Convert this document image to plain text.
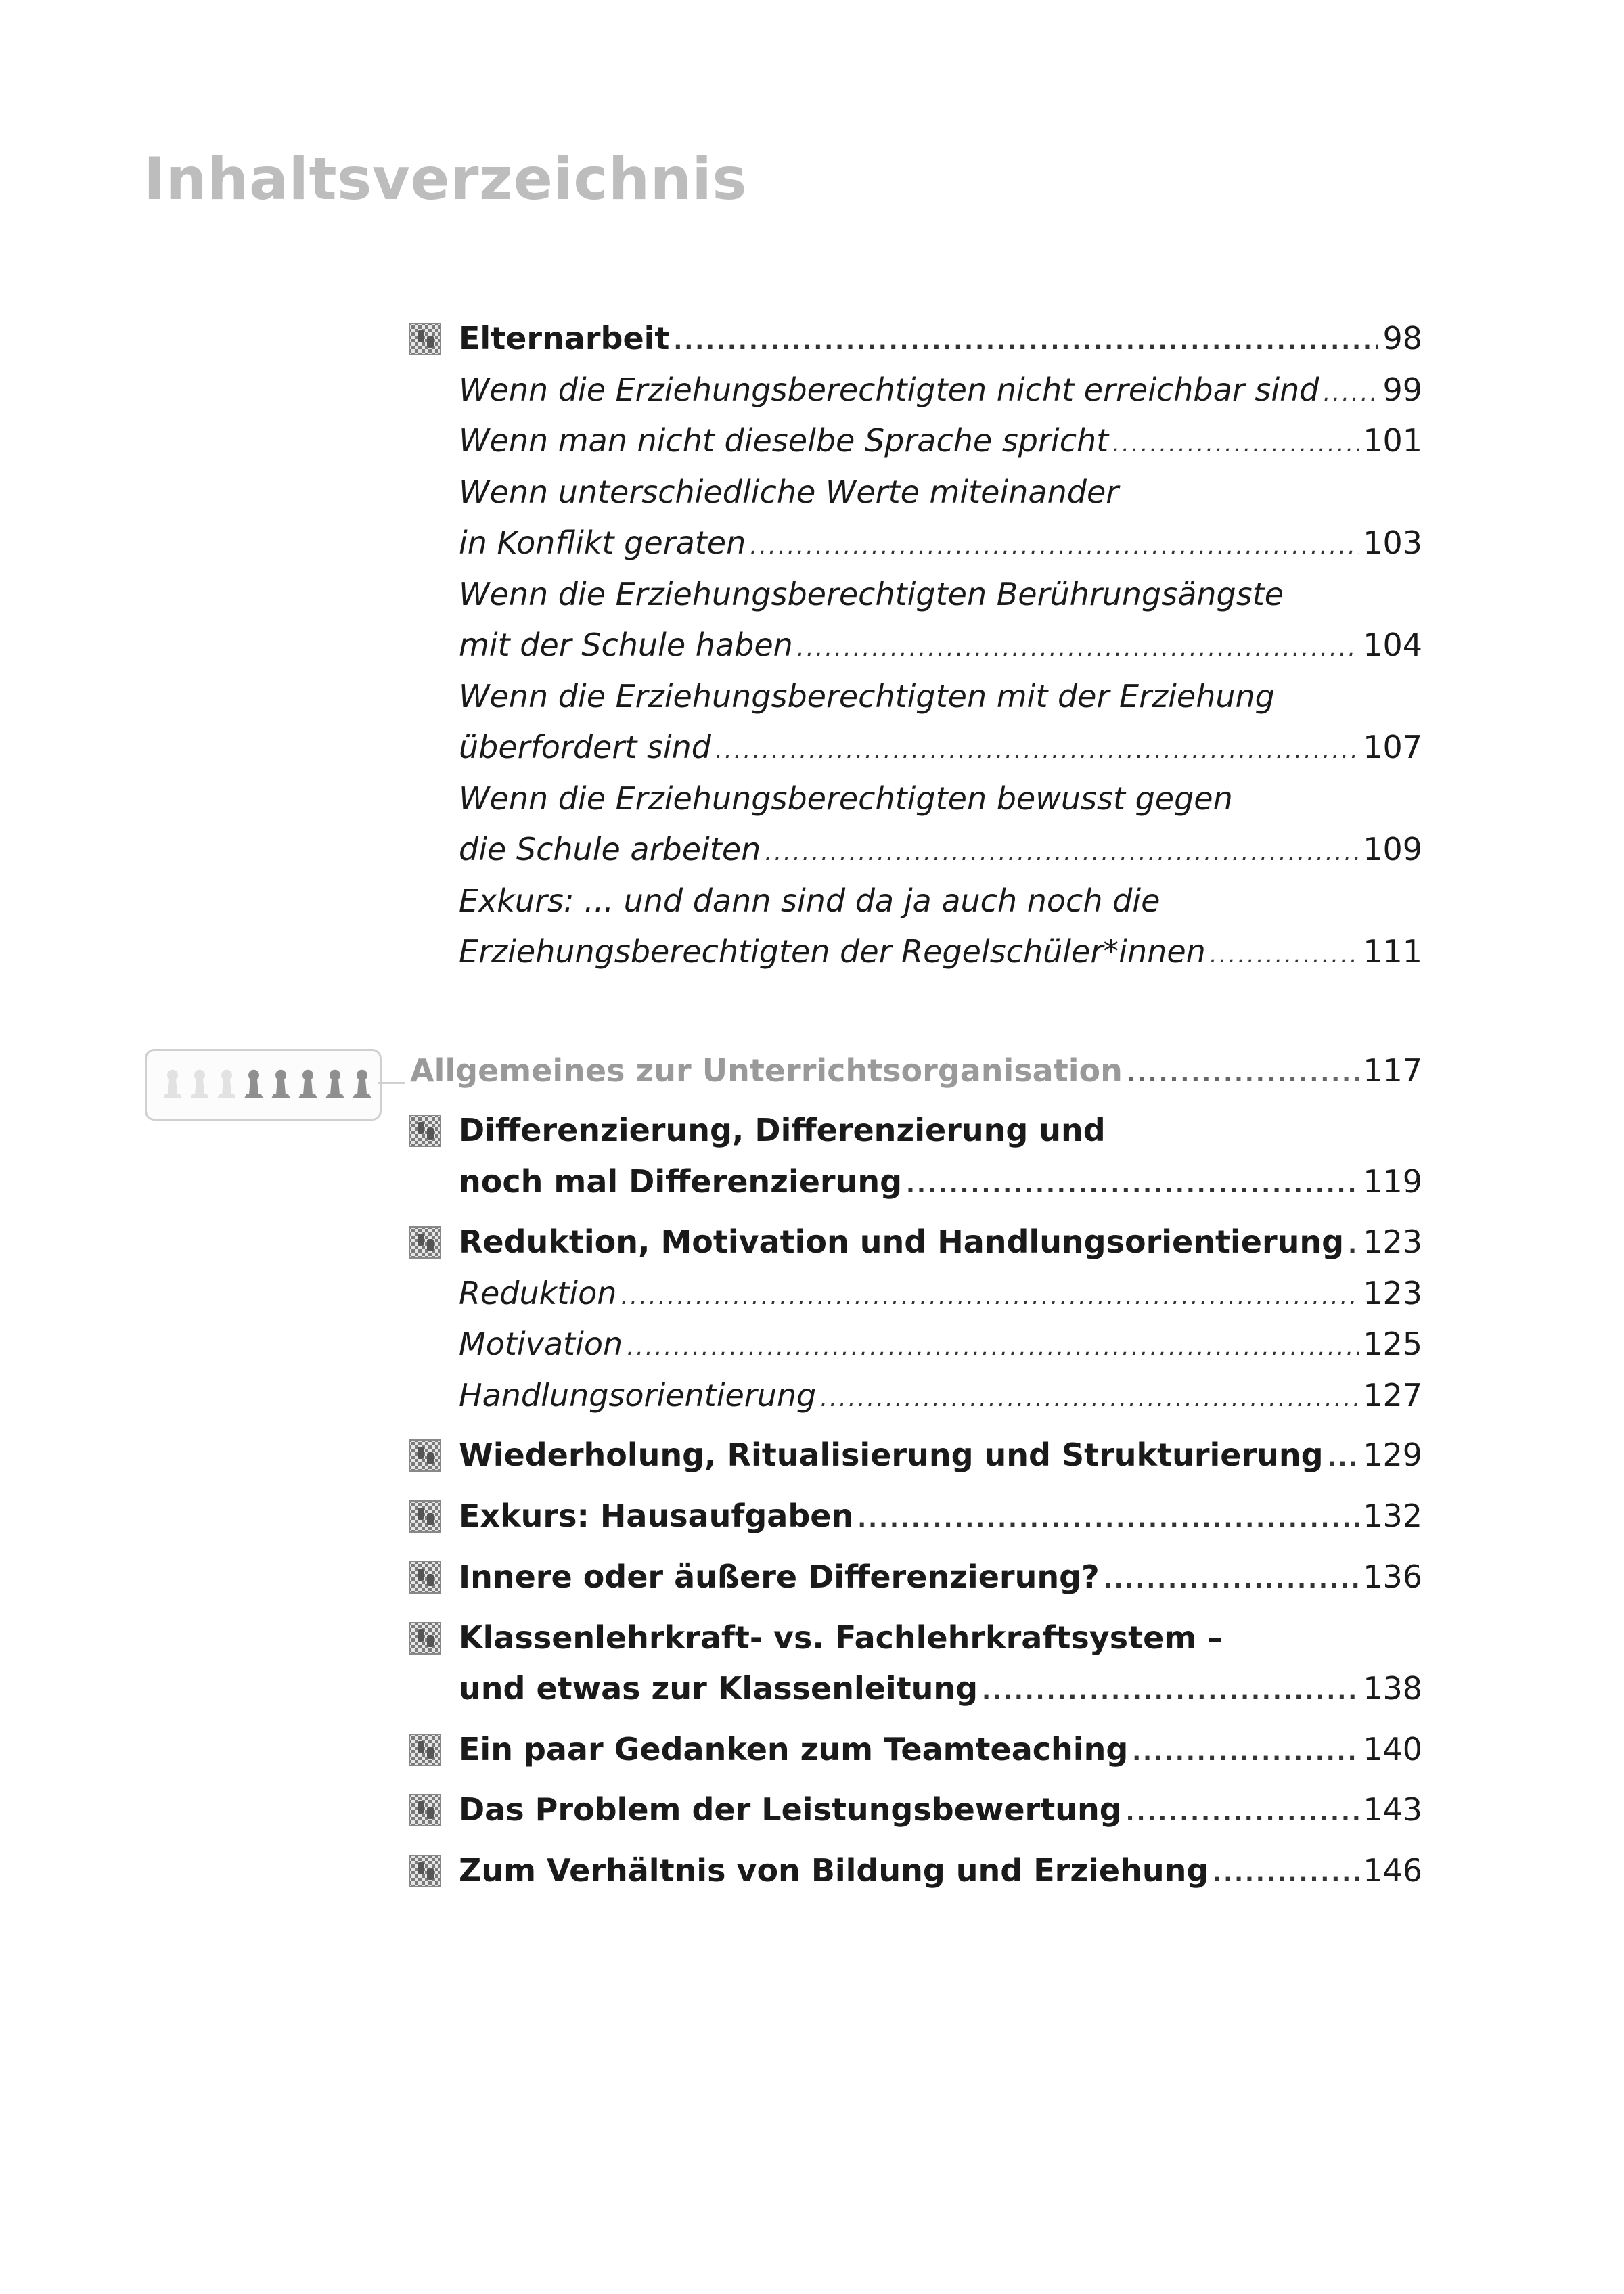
Inhaltsverzeichnis
Elternarbeit .....	98
Wenn die Erziehungsberechtigten nicht erreichbar sind ..... 99
Wenn man nicht dieselbe Sprache spricht .....	101
Wenn unterschiedliche Werte miteinander
in Konflikt geraten .....	103
Wenn die Erziehungsberechtigten Berührungsängste
mit der Schule haben .....	104
Wenn die Erziehungsberechtigten mit der Erziehung
überfordert sind .....	107
Wenn die Erziehungsberechtigten bewusst gegen
die Schule arbeiten .....	109
Exkurs: ... und dann sind da ja auch noch die
Erziehungsberechtigten der Regelschüler*innen .....	111
Allgemeines zur Unterrichtsorganisation .....	117
Differenzierung, Differenzierung und
noch mal Differenzierung .....	119
Reduktion, Motivation und Handlungsorientierung ..... 123
Reduktion .....	123
Motivation .....	125
Handlungsorientierung .....	127
Wiederholung, Ritualisierung und Strukturierung ..... 129
Exkurs: Hausaufgaben .....	132
Innere oder äußere Differenzierung? .....	136
Klassenlehrkraft- vs. Fachlehrkraftsystem –
und etwas zur Klassenleitung .....	138
Ein paar Gedanken zum Teamteaching .....	140
Das Problem der Leistungsbewertung .....	143
Zum Verhältnis von Bildung und Erziehung .....	146
